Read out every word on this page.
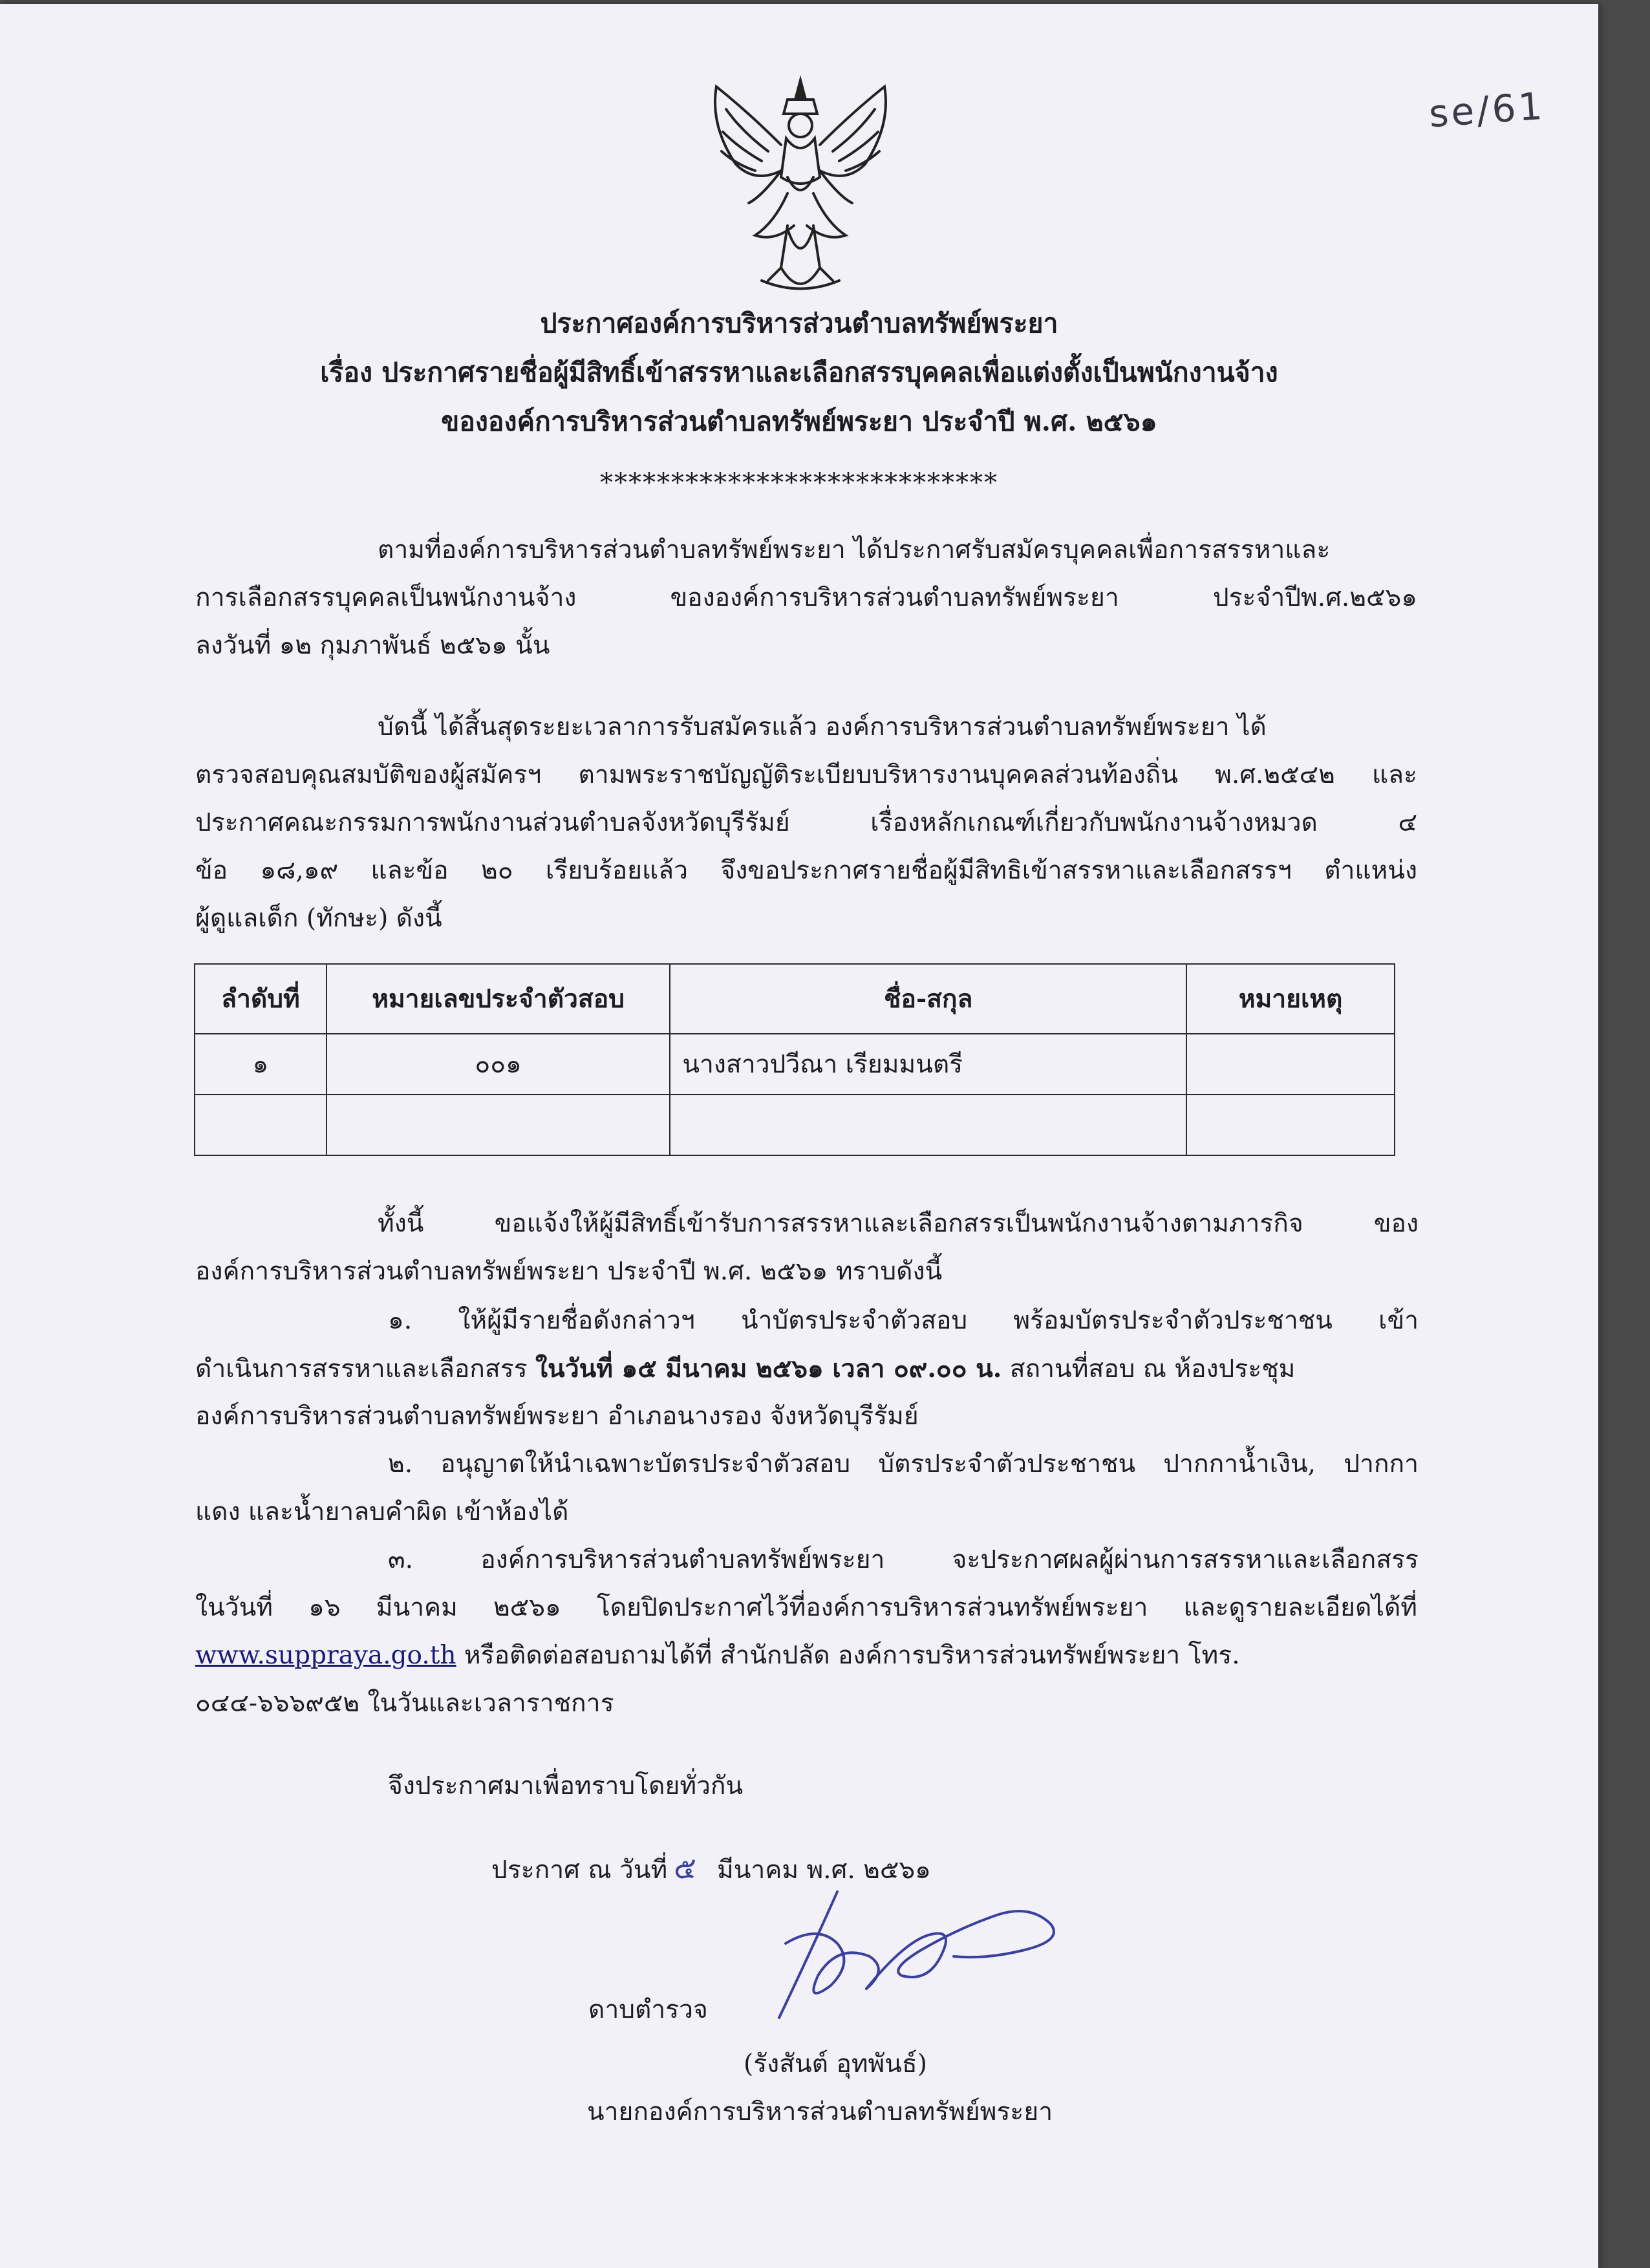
se/61
ประกาศองค์การบริหารส่วนตำบลทรัพย์พระยา
เรื่อง ประกาศรายชื่อผู้มีสิทธิ์เข้าสรรหาและเลือกสรรบุคคลเพื่อแต่งตั้งเป็นพนักงานจ้าง
ขององค์การบริหารส่วนตำบลทรัพย์พระยา ประจำปี พ.ศ. ๒๕๖๑
****************************
ตามที่องค์การบริหารส่วนตำบลทรัพย์พระยา ได้ประกาศรับสมัครบุคคลเพื่อการสรรหาและ
การเลือกสรรบุคคลเป็นพนักงานจ้าง ขององค์การบริหารส่วนตำบลทรัพย์พระยา ประจำปีพ.ศ.๒๕๖๑
ลงวันที่ ๑๒ กุมภาพันธ์ ๒๕๖๑ นั้น
บัดนี้ ได้สิ้นสุดระยะเวลาการรับสมัครแล้ว องค์การบริหารส่วนตำบลทรัพย์พระยา ได้
ตรวจสอบคุณสมบัติของผู้สมัครฯ ตามพระราชบัญญัติระเบียบบริหารงานบุคคลส่วนท้องถิ่น พ.ศ.๒๕๔๒ และ
ประกาศคณะกรรมการพนักงานส่วนตำบลจังหวัดบุรีรัมย์ เรื่องหลักเกณฑ์เกี่ยวกับพนักงานจ้างหมวด ๔
ข้อ ๑๘,๑๙ และข้อ ๒๐ เรียบร้อยแล้ว จึงขอประกาศรายชื่อผู้มีสิทธิเข้าสรรหาและเลือกสรรฯ ตำแหน่ง
ผู้ดูแลเด็ก (ทักษะ) ดังนี้
ลำดับที่	หมายเลขประจำตัวสอบ	ชื่อ-สกุล	หมายเหตุ
๑	๐๐๑	นางสาวปวีณา เรียมมนตรี	

ทั้งนี้ ขอแจ้งให้ผู้มีสิทธิ์เข้ารับการสรรหาและเลือกสรรเป็นพนักงานจ้างตามภารกิจ ของ
องค์การบริหารส่วนตำบลทรัพย์พระยา ประจำปี พ.ศ. ๒๕๖๑ ทราบดังนี้
๑. ให้ผู้มีรายชื่อดังกล่าวฯ นำบัตรประจำตัวสอบ พร้อมบัตรประจำตัวประชาชน เข้า
ดำเนินการสรรหาและเลือกสรร ในวันที่ ๑๕ มีนาคม ๒๕๖๑ เวลา ๐๙.๐๐ น. สถานที่สอบ ณ ห้องประชุม
องค์การบริหารส่วนตำบลทรัพย์พระยา อำเภอนางรอง จังหวัดบุรีรัมย์
๒. อนุญาตให้นำเฉพาะบัตรประจำตัวสอบ บัตรประจำตัวประชาชน ปากกาน้ำเงิน, ปากกา
แดง และน้ำยาลบคำผิด เข้าห้องได้
๓. องค์การบริหารส่วนตำบลทรัพย์พระยา จะประกาศผลผู้ผ่านการสรรหาและเลือกสรร
ในวันที่ ๑๖ มีนาคม ๒๕๖๑ โดยปิดประกาศไว้ที่องค์การบริหารส่วนทรัพย์พระยา และดูรายละเอียดได้ที่
www.suppraya.go.th หรือติดต่อสอบถามได้ที่ สำนักปลัด องค์การบริหารส่วนทรัพย์พระยา โทร.
๐๔๔-๖๖๖๙๕๒ ในวันและเวลาราชการ
จึงประกาศมาเพื่อทราบโดยทั่วกัน
ประกาศ ณ วันที่ ๕ มีนาคม พ.ศ. ๒๕๖๑
ดาบตำรวจ
(รังสันต์ อุทพันธ์)
นายกองค์การบริหารส่วนตำบลทรัพย์พระยา
